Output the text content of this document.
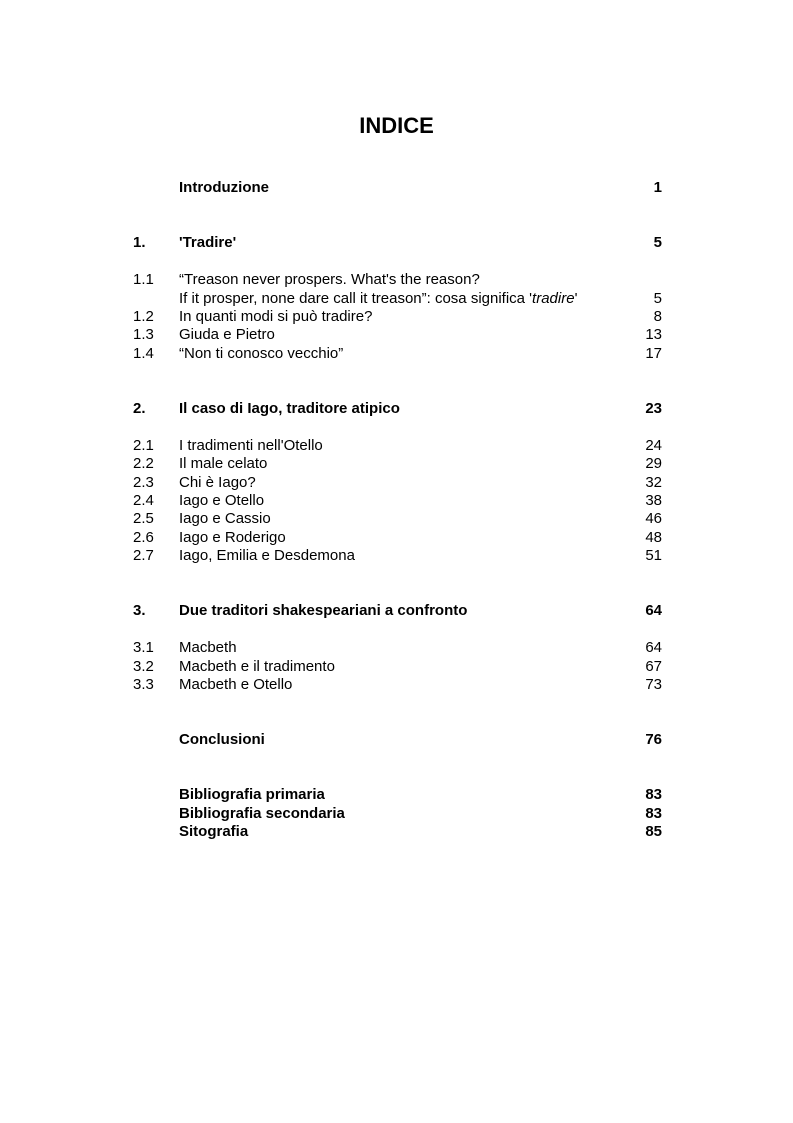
INDICE
Introduzione	1
1. 'Tradire'	5
1.1 “Treason never prospers. What's the reason?
If it prosper, none dare call it treason”: cosa significa 'tradire'	5
1.2 In quanti modi si può tradire?	8
1.3 Giuda e Pietro	13
1.4 “Non ti conosco vecchio”	17
2. Il caso di Iago, traditore atipico	23
2.1 I tradimenti nell'Otello	24
2.2 Il male celato	29
2.3 Chi è Iago?	32
2.4 Iago e Otello	38
2.5 Iago e Cassio	46
2.6 Iago e Roderigo	48
2.7 Iago, Emilia e Desdemona	51
3. Due traditori shakespeariani a confronto	64
3.1 Macbeth	64
3.2 Macbeth e il tradimento	67
3.3 Macbeth e Otello	73
Conclusioni	76
Bibliografia primaria	83
Bibliografia secondaria	83
Sitografia	85
